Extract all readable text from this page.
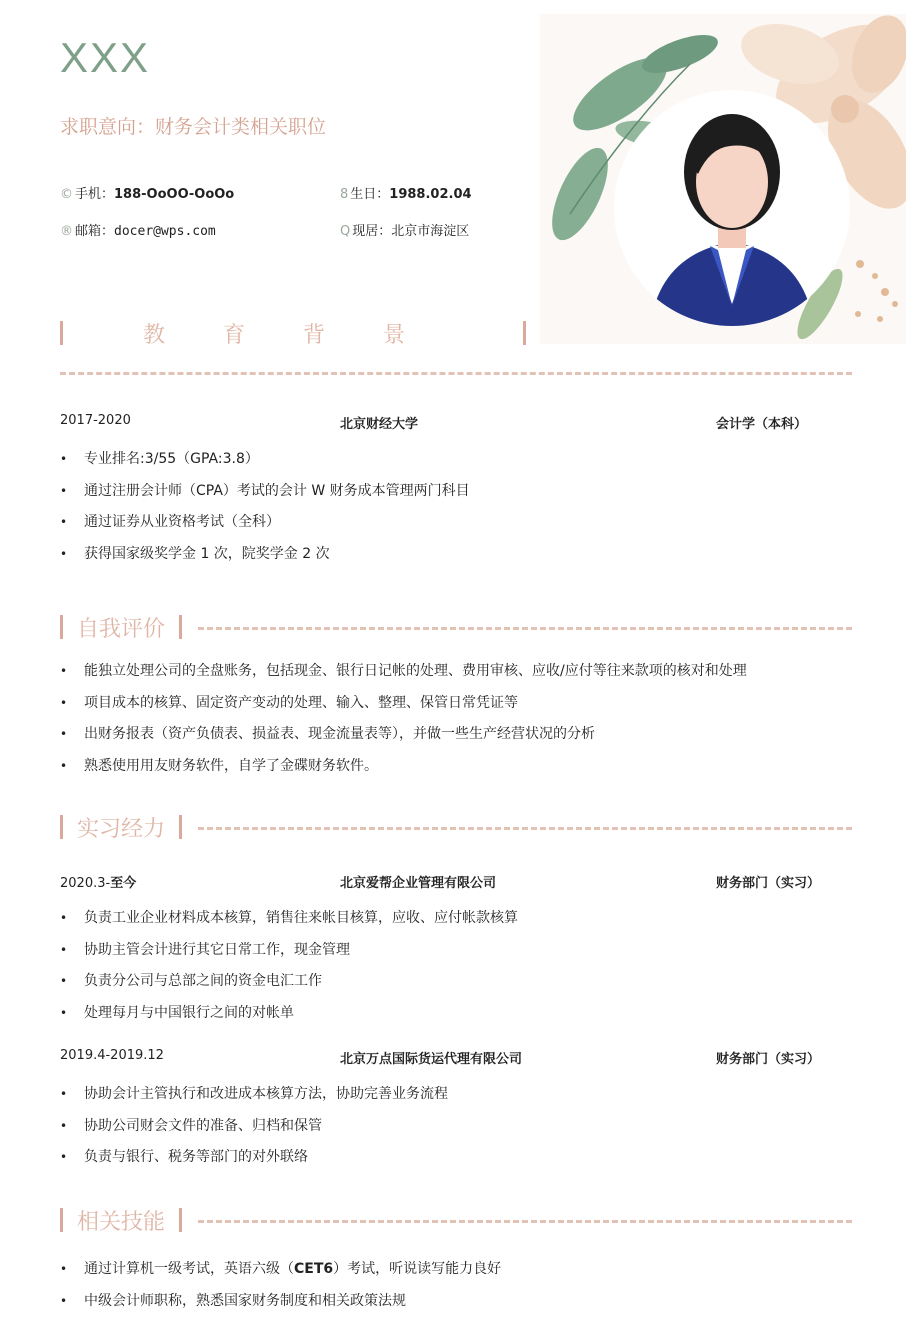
XXX
求职意向：财务会计类相关职位
© 手机：188-OoOO-OoOo
® 邮箱：docer@wps.com
8 生日：1988.02.04
Q 现居：北京市海淀区
教育背景
2017-2020	北京财经大学	会计学（本科）
• 专业排名:3/55（GPA:3.8）
• 通过注册会计师（CPA）考试的会计 W 财务成本管理两门科目
• 通过证券从业资格考试（全科）
• 获得国家级奖学金 1 次，院奖学金 2 次
自我评价
• 能独立处理公司的全盘账务，包括现金、银行日记帐的处理、费用审核、应收/应付等往来款项的核对和处理
• 项目成本的核算、固定资产变动的处理、输入、整理、保管日常凭证等
• 出财务报表（资产负债表、损益表、现金流量表等），并做一些生产经营状况的分析
• 熟悉使用用友财务软件，自学了金碟财务软件。
实习经力
2020.3-至今	北京爱帮企业管理有限公司	财务部门（实习）
• 负责工业企业材料成本核算，销售往来帐目核算，应收、应付帐款核算
• 协助主管会计进行其它日常工作，现金管理
• 负责分公司与总部之间的资金电汇工作
• 处理每月与中国银行之间的对帐单
2019.4-2019.12	北京万点国际货运代理有限公司	财务部门（实习）
• 协助会计主管执行和改进成本核算方法，协助完善业务流程
• 协助公司财会文件的准备、归档和保管
• 负责与银行、税务等部门的对外联络
相关技能
• 通过计算机一级考试，英语六级（CET6）考试，听说读写能力良好
• 中级会计师职称，熟悉国家财务制度和相关政策法规
